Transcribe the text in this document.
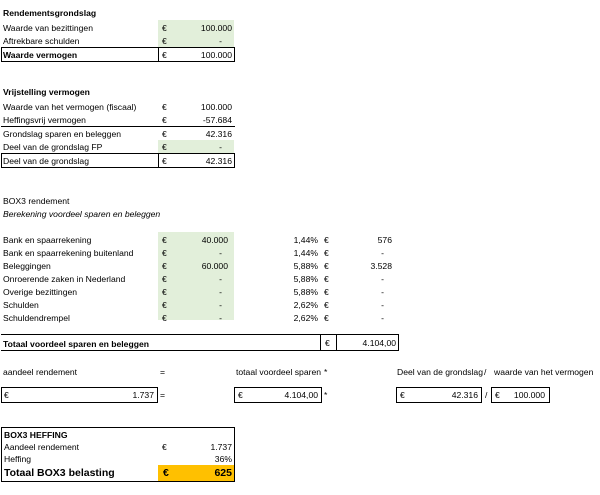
Rendementsgrondslag
Waarde van bezittingen	€	100.000
Aftrekbare schulden	€	-
Waarde vermogen	€	100.000
Vrijstelling vermogen
Waarde van het vermogen (fiscaal)	€	100.000
Heffingsvrij vermogen	€	-57.684
Grondslag sparen en beleggen	€	42.316
Deel van de grondslag FP	€	-
Deel van de grondslag	€	42.316
BOX3 rendement
Berekening voordeel sparen en beleggen
Bank en spaarrekening	€	40.000	1,44% €	576
Bank en spaarrekening buitenland	€	-	1,44% €	-
Beleggingen	€	60.000	5,88% €	3.528
Onroerende zaken in Nederland	€	-	5,88% €	-
Overige bezittingen	€	-	5,88% €	-
Schulden	€	-	2,62% €	-
Schuldendrempel	€	-	2,62% €	-
Totaal voordeel sparen en beleggen	€	4.104,00
aandeel rendement	=	totaal voordeel sparen *	Deel van de grondslag / waarde van het vermogen
€	1.737 =	€	4.104,00 *	€	42.316 / €	100.000
BOX3 HEFFING
Aandeel rendement	€	1.737
Heffing	36%
Totaal BOX3 belasting	€	625
